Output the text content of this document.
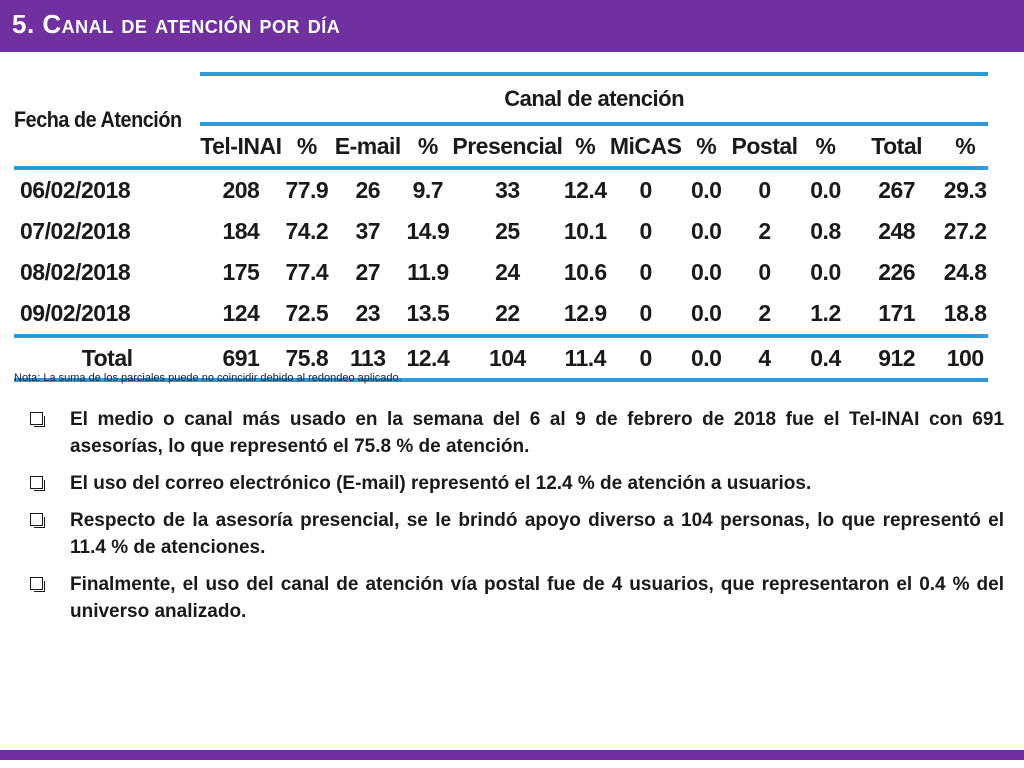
5. Canal de atención por día
Fecha de Atención	Canal de atención											
	Tel-INAI	%	E-mail	%	Presencial	%	MiCAS	%	Postal	%	Total	%
06/02/2018	208	77.9	26	9.7	33	12.4	0	0.0	0	0.0	267	29.3
07/02/2018	184	74.2	37	14.9	25	10.1	0	0.0	2	0.8	248	27.2
08/02/2018	175	77.4	27	11.9	24	10.6	0	0.0	0	0.0	226	24.8
09/02/2018	124	72.5	23	13.5	22	12.9	0	0.0	2	1.2	171	18.8
Total	691	75.8	113	12.4	104	11.4	0	0.0	4	0.4	912	100
Nota: La suma de los parciales puede no coincidir debido al redondeo aplicado.
El medio o canal más usado en la semana del 6 al 9 de febrero de 2018 fue el Tel-INAI con 691 asesorías, lo que representó el 75.8 % de atención.
El uso del correo electrónico (E-mail) representó el 12.4 % de atención a usuarios.
Respecto de la asesoría presencial, se le brindó apoyo diverso a 104 personas, lo que representó el 11.4 % de atenciones.
Finalmente, el uso del canal de atención vía postal fue de 4 usuarios, que representaron el 0.4 % del universo analizado.
